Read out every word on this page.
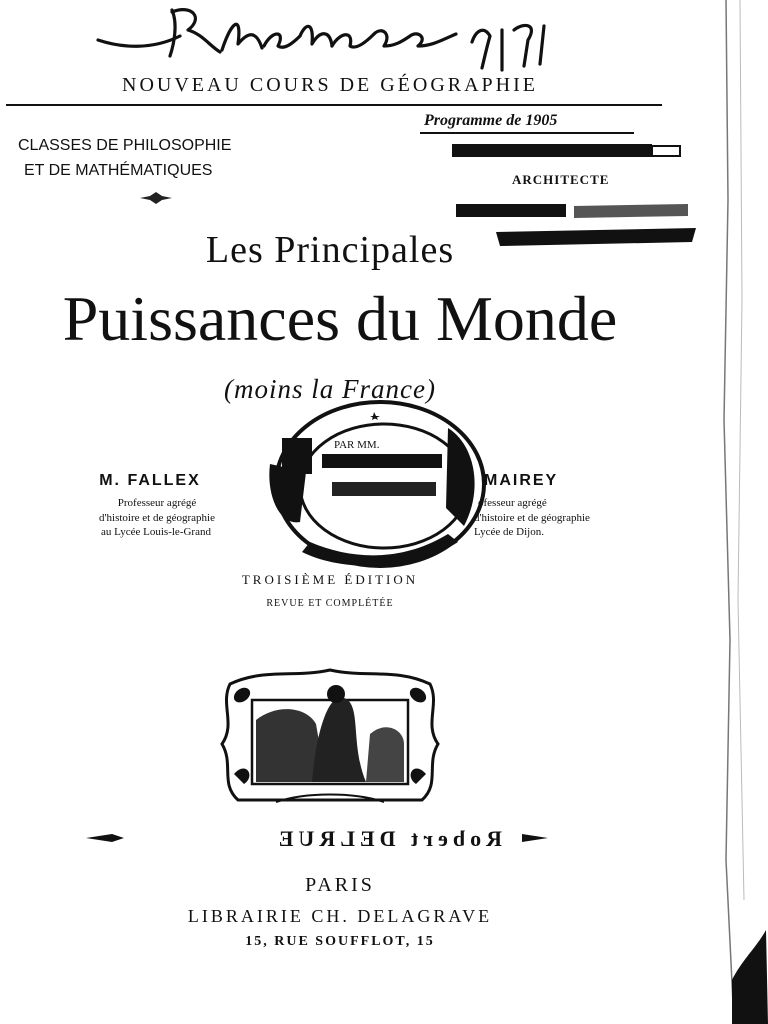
NOUVEAU COURS DE GÉOGRAPHIE
Programme de 1905
CLASSES DE PHILOSOPHIE
ET DE MATHÉMATIQUES
ARCHITECTE
Les Principales
Puissances du Monde
(moins la France)
PAR MM.
M. FALLEX
Professeur agrégé
d'histoire et de géographie
au Lycée Louis-le-Grand
MAIREY
ofesseur agrégé
d'histoire et de géographie
Lycée de Dijon.
TROISIÈME ÉDITION
REVUE ET COMPLÉTÉE
Robert DELRUE
PARIS
LIBRAIRIE CH. DELAGRAVE
15, RUE SOUFFLOT, 15
